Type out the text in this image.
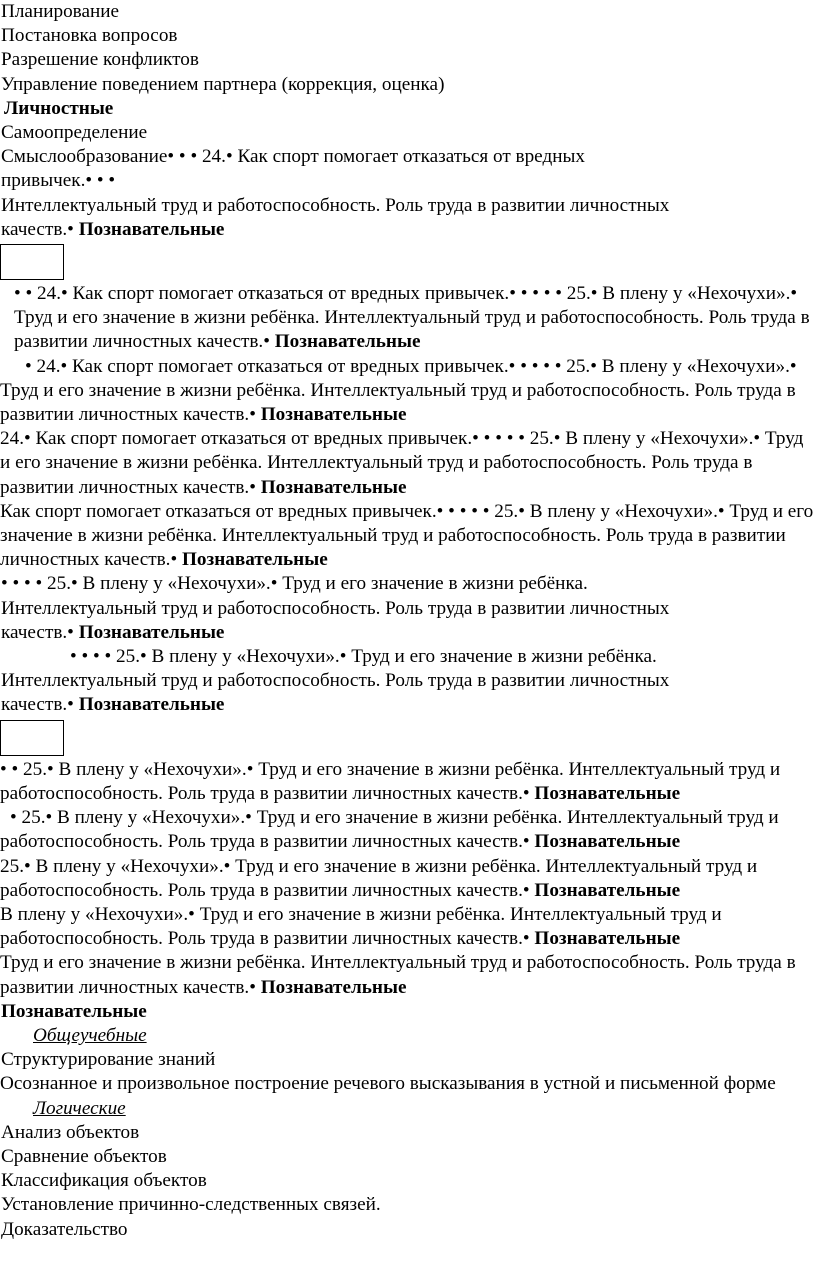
Планирование
Постановка вопросов
Разрешение конфликтов
Управление поведением партнера (коррекция, оценка)
Личностные
Самоопределение
Смыслообразование• • • 24.• Как спорт помогает отказаться от вредных
привычек.• • •
Интеллектуальный труд и работоспособность. Роль труда в развитии личностных
качеств.• Познавательные
• • 24.• Как спорт помогает отказаться от вредных привычек.• • • • • 25.• В плену у «Нехочухи».• Труд и его значение в жизни ребёнка. Интеллектуальный труд и работоспособность. Роль труда в развитии личностных качеств.• Познавательные
• 24.• Как спорт помогает отказаться от вредных привычек.• • • • • 25.• В плену у «Нехочухи».• Труд и его значение в жизни ребёнка. Интеллектуальный труд и работоспособность. Роль труда в развитии личностных качеств.• Познавательные
24.• Как спорт помогает отказаться от вредных привычек.• • • • • 25.• В плену у «Нехочухи».• Труд и его значение в жизни ребёнка. Интеллектуальный труд и работоспособность. Роль труда в развитии личностных качеств.• Познавательные
Как спорт помогает отказаться от вредных привычек.• • • • • 25.• В плену у «Нехочухи».• Труд и его значение в жизни ребёнка. Интеллектуальный труд и работоспособность. Роль труда в развитии личностных качеств.• Познавательные
• • • • 25.• В плену у «Нехочухи».• Труд и его значение в жизни ребёнка.
Интеллектуальный труд и работоспособность. Роль труда в развитии личностных
качеств.• Познавательные
• • • • 25.• В плену у «Нехочухи».• Труд и его значение в жизни ребёнка.
Интеллектуальный труд и работоспособность. Роль труда в развитии личностных
качеств.• Познавательные
• • 25.• В плену у «Нехочухи».• Труд и его значение в жизни ребёнка. Интеллектуальный труд и работоспособность. Роль труда в развитии личностных качеств.• Познавательные
• 25.• В плену у «Нехочухи».• Труд и его значение в жизни ребёнка. Интеллектуальный труд и работоспособность. Роль труда в развитии личностных качеств.• Познавательные
25.• В плену у «Нехочухи».• Труд и его значение в жизни ребёнка. Интеллектуальный труд и работоспособность. Роль труда в развитии личностных качеств.• Познавательные
В плену у «Нехочухи».• Труд и его значение в жизни ребёнка. Интеллектуальный труд и работоспособность. Роль труда в развитии личностных качеств.• Познавательные
Труд и его значение в жизни ребёнка. Интеллектуальный труд и работоспособность. Роль труда в развитии личностных качеств.• Познавательные
Познавательные
Общеучебные
Структурирование знаний
Осознанное и произвольное построение речевого высказывания в устной и письменной форме
Логические
Анализ объектов
Сравнение объектов
Классификация объектов
Установление причинно-следственных связей.
Доказательство
